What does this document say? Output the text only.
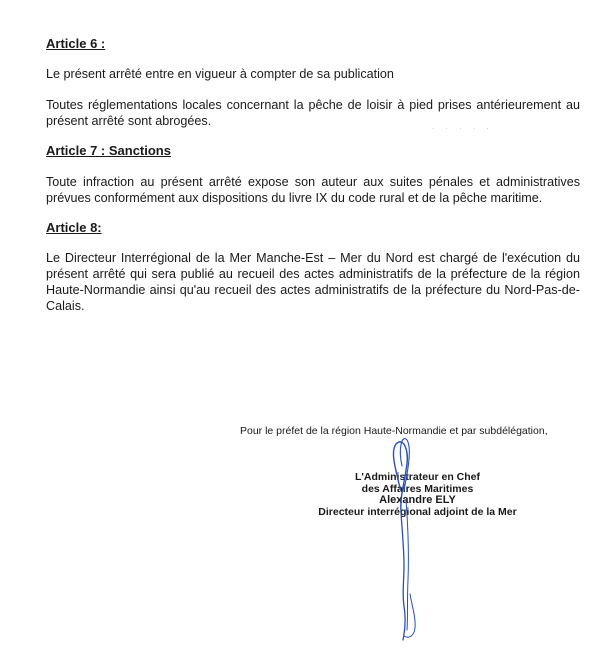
Article 6 :

Le présent arrêté entre en vigueur à compter de sa publication

Toutes réglementations locales concernant la pêche de loisir à pied prises antérieurement au
présent arrêté sont abrogées.

· · · · ·
Article 7 : Sanctions

Toute infraction au présent arrêté expose son auteur aux suites pénales et administratives
prévues conformément aux dispositions du livre IX du code rural et de la pêche maritime.

Article 8:

Le Directeur Interrégional de la Mer Manche-Est – Mer du Nord est chargé de l'exécution du
présent arrêté qui sera publié au recueil des actes administratifs de la préfecture de la région
Haute-Normandie ainsi qu'au recueil des actes administratifs de la préfecture du Nord-Pas-de-
Calais.

Pour le préfet de la région Haute-Normandie et par subdélégation,

L'Administrateur en Chef
des Affaires Maritimes
Alexandre ELY
Directeur interrégional adjoint de la Mer
